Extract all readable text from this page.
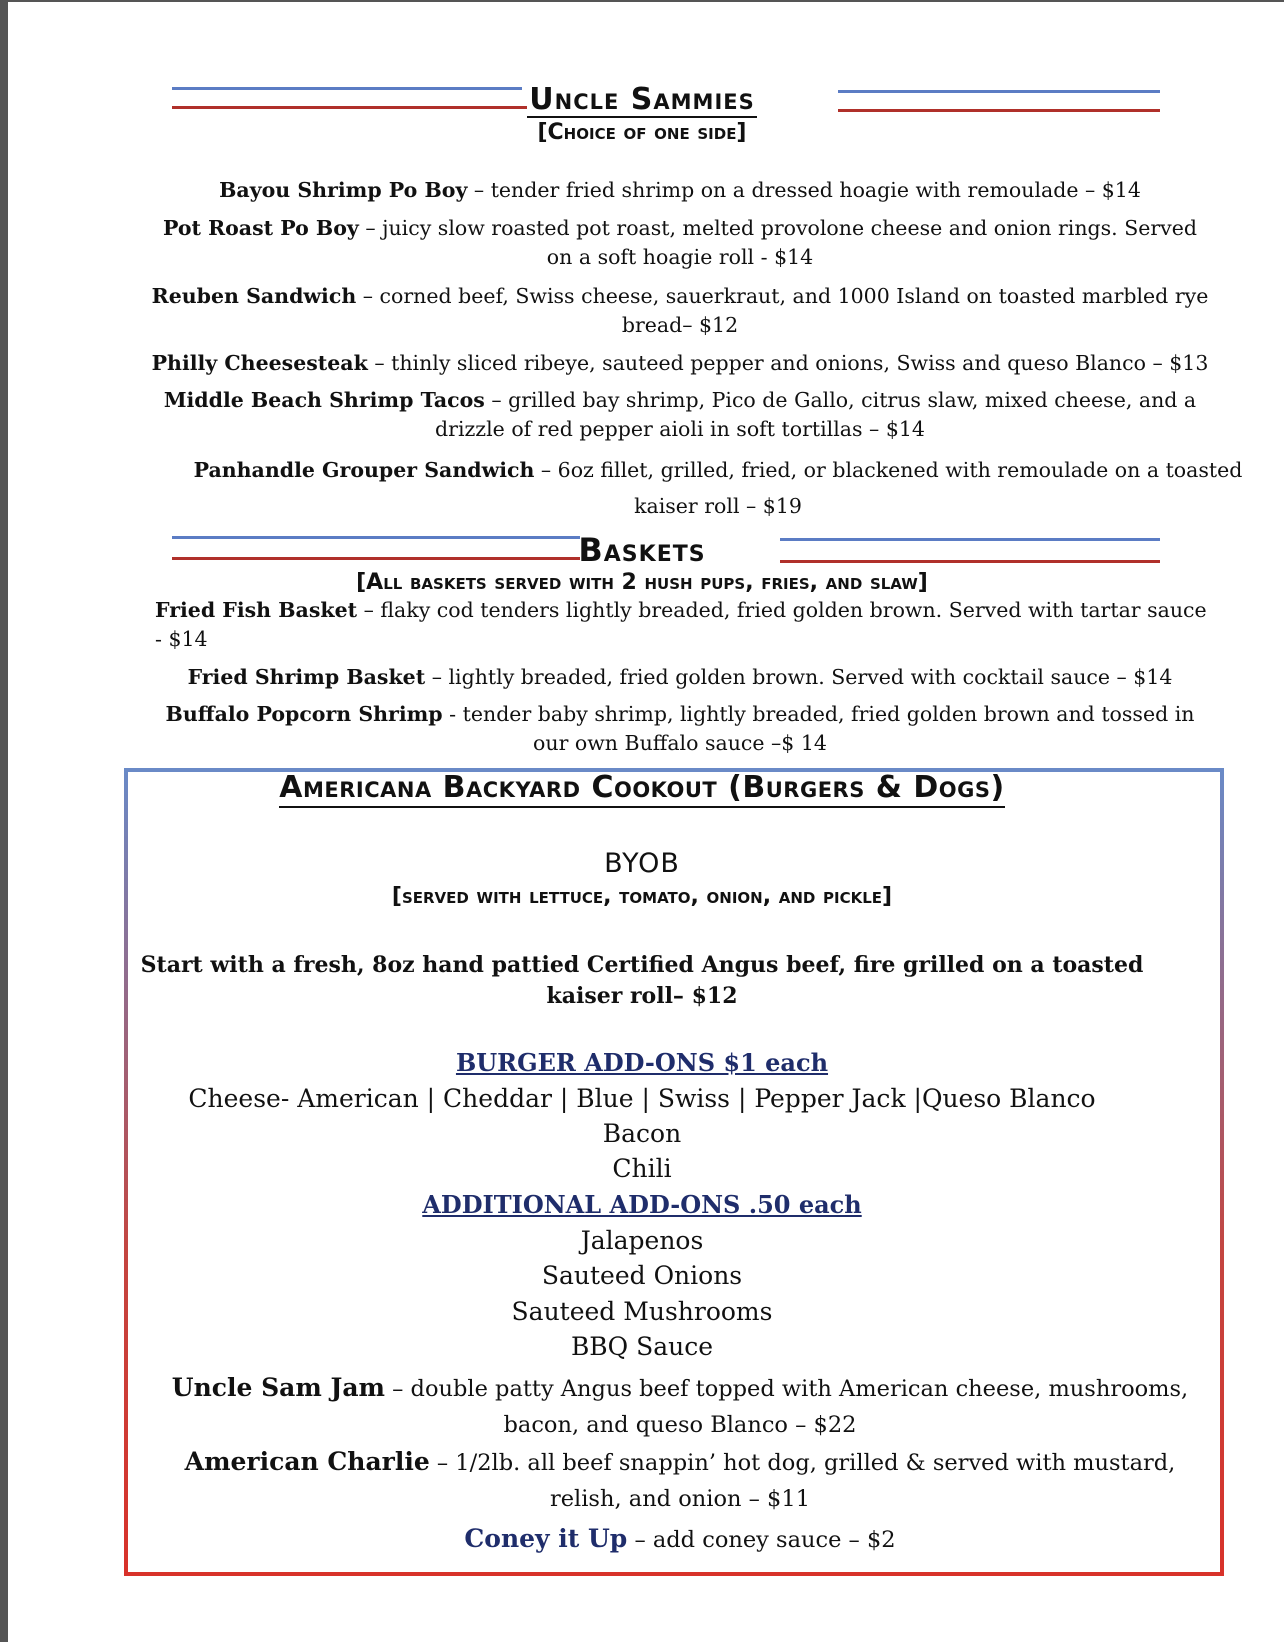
Uncle Sammies
[Choice of one side]
Bayou Shrimp Po Boy – tender fried shrimp on a dressed hoagie with remoulade – $14
Pot Roast Po Boy – juicy slow roasted pot roast, melted provolone cheese and onion rings. Served on a soft hoagie roll - $14
Reuben Sandwich – corned beef, Swiss cheese, sauerkraut, and 1000 Island on toasted marbled rye bread– $12
Philly Cheesesteak – thinly sliced ribeye, sauteed pepper and onions, Swiss and queso Blanco – $13
Middle Beach Shrimp Tacos – grilled bay shrimp, Pico de Gallo, citrus slaw, mixed cheese, and a drizzle of red pepper aioli in soft tortillas – $14
Panhandle Grouper Sandwich – 6oz fillet, grilled, fried, or blackened with remoulade on a toasted kaiser roll – $19
Baskets
[All baskets served with 2 hush pups, fries, and slaw]
Fried Fish Basket – flaky cod tenders lightly breaded, fried golden brown. Served with tartar sauce - $14
Fried Shrimp Basket – lightly breaded, fried golden brown. Served with cocktail sauce – $14
Buffalo Popcorn Shrimp - tender baby shrimp, lightly breaded, fried golden brown and tossed in our own Buffalo sauce –$ 14
Americana Backyard Cookout (Burgers & Dogs)
BYOB
[served with lettuce, tomato, onion, and pickle]
Start with a fresh, 8oz hand pattied Certified Angus beef, fire grilled on a toasted
kaiser roll– $12
BURGER ADD-ONS $1 each
Cheese- American | Cheddar | Blue | Swiss | Pepper Jack |Queso Blanco
Bacon
Chili
ADDITIONAL ADD-ONS .50 each
Jalapenos
Sauteed Onions
Sauteed Mushrooms
BBQ Sauce
Uncle Sam Jam – double patty Angus beef topped with American cheese, mushrooms, bacon, and queso Blanco – $22
American Charlie – 1/2lb. all beef snappin’ hot dog, grilled & served with mustard, relish, and onion – $11
Coney it Up – add coney sauce – $2
